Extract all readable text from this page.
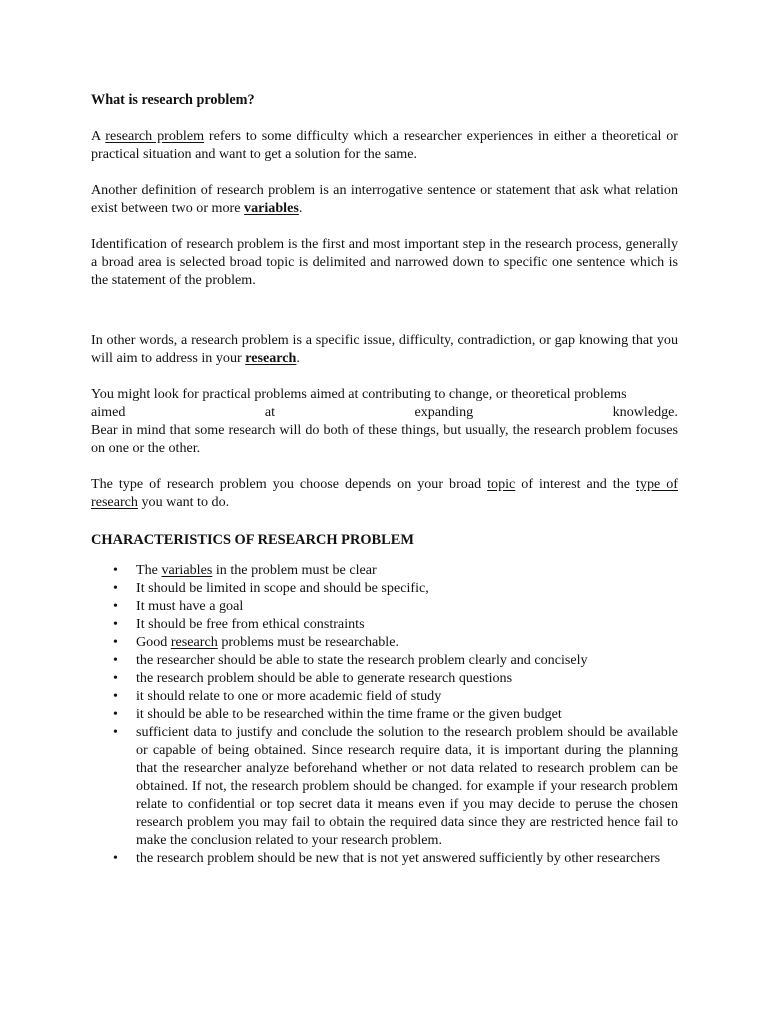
What is research problem?

A research problem refers to some difficulty which a researcher experiences in either a theoretical or practical situation and want to get a solution for the same.

Another definition of research problem is an interrogative sentence or statement that ask what relation exist between two or more variables.

Identification of research problem is the first and most important step in the research process, generally a broad area is selected broad topic is delimited and narrowed down to specific one sentence which is the statement of the problem.

In other words, a research problem is a specific issue, difficulty, contradiction, or gap knowing that you will aim to address in your research.

You might look for practical problems aimed at contributing to change, or theoretical problems
aimed	at	expanding	knowledge.
Bear in mind that some research will do both of these things, but usually, the research problem focuses on one or the other.

The type of research problem you choose depends on your broad topic of interest and the type of research you want to do.

CHARACTERISTICS OF RESEARCH PROBLEM
• The variables in the problem must be clear
• It should be limited in scope and should be specific,
• It must have a goal
• It should be free from ethical constraints
• Good research problems must be researchable.
• the researcher should be able to state the research problem clearly and concisely
• the research problem should be able to generate research questions
• it should relate to one or more academic field of study
• it should be able to be researched within the time frame or the given budget
• sufficient data to justify and conclude the solution to the research problem should be available or capable of being obtained. Since research require data, it is important during the planning that the researcher analyze beforehand whether or not data related to research problem can be obtained. If not, the research problem should be changed. for example if your research problem relate to confidential or top secret data it means even if you may decide to peruse the chosen research problem you may fail to obtain the required data since they are restricted hence fail to make the conclusion related to your research problem.
• the research problem should be new that is not yet answered sufficiently by other researchers
